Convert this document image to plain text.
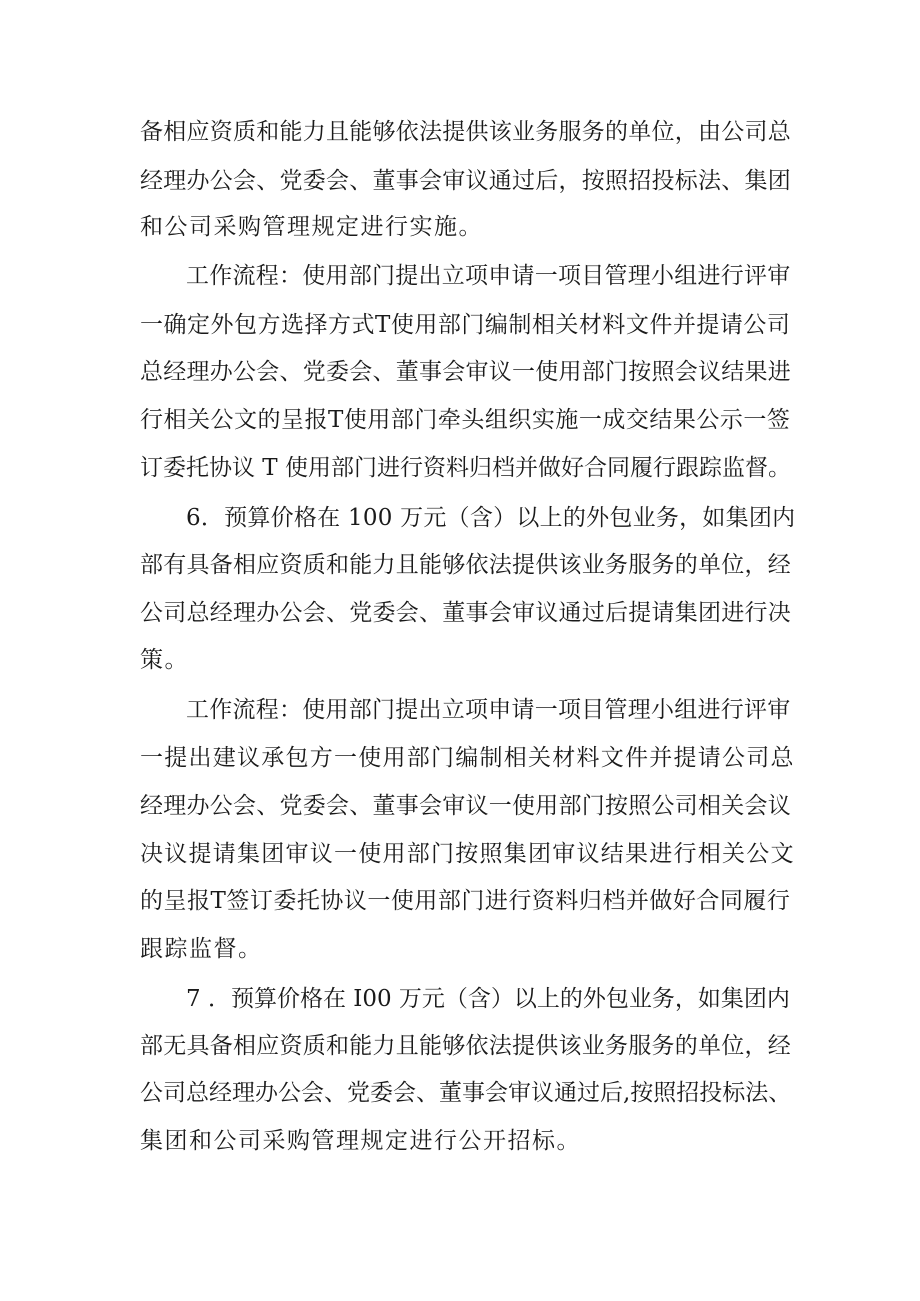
备相应资质和能力且能够依法提供该业务服务的单位，由公司总
经理办公会、党委会、董事会审议通过后，按照招投标法、集团
和公司采购管理规定进行实施。
工作流程：使用部门提出立项申请一项目管理小组进行评审
一确定外包方选择方式T使用部门编制相关材料文件并提请公司
总经理办公会、党委会、董事会审议一使用部门按照会议结果进
行相关公文的呈报T使用部门牵头组织实施一成交结果公示一签
订委托协议 T 使用部门进行资料归档并做好合同履行跟踪监督。
6．预算价格在 100 万元（含）以上的外包业务，如集团内
部有具备相应资质和能力且能够依法提供该业务服务的单位，经
公司总经理办公会、党委会、董事会审议通过后提请集团进行决
策。
工作流程：使用部门提出立项申请一项目管理小组进行评审
一提出建议承包方一使用部门编制相关材料文件并提请公司总
经理办公会、党委会、董事会审议一使用部门按照公司相关会议
决议提请集团审议一使用部门按照集团审议结果进行相关公文
的呈报T签订委托协议一使用部门进行资料归档并做好合同履行
跟踪监督。
7 ．预算价格在 I00 万元（含）以上的外包业务，如集团内
部无具备相应资质和能力且能够依法提供该业务服务的单位，经
公司总经理办公会、党委会、董事会审议通过后,按照招投标法、
集团和公司采购管理规定进行公开招标。
